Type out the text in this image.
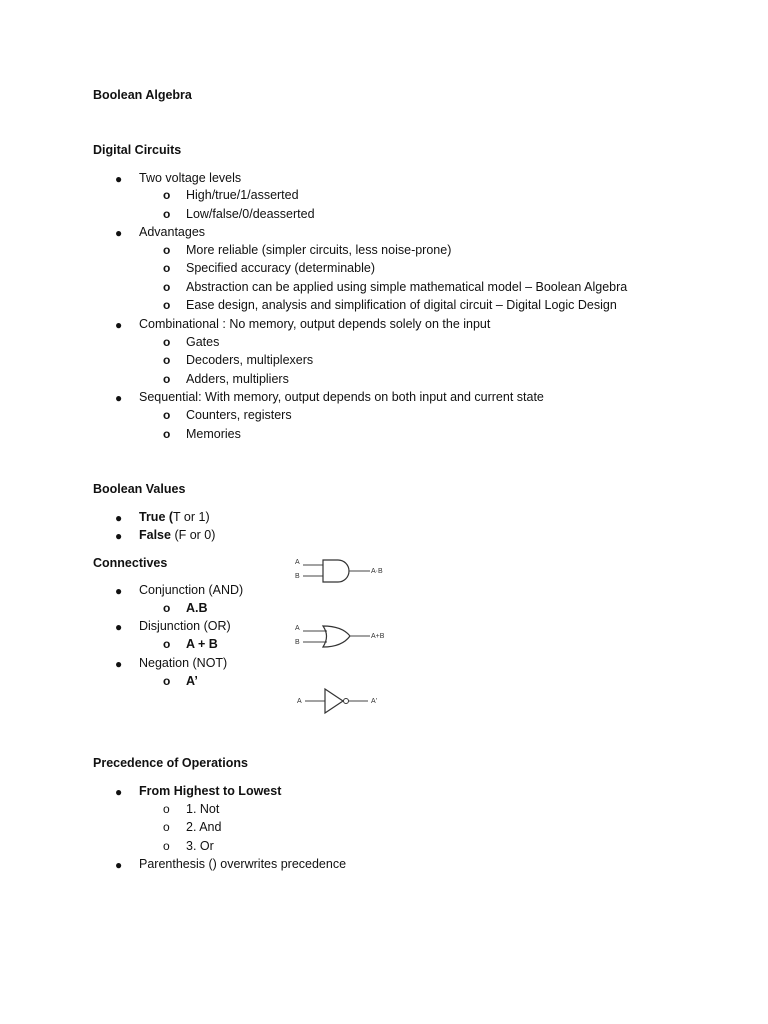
Boolean Algebra
Digital Circuits
● Two voltage levels
o High/true/1/asserted
o Low/false/0/deasserted
● Advantages
o More reliable (simpler circuits, less noise-prone)
o Specified accuracy (determinable)
o Abstraction can be applied using simple mathematical model – Boolean Algebra
o Ease design, analysis and simplification of digital circuit – Digital Logic Design
● Combinational : No memory, output depends solely on the input
o Gates
o Decoders, multiplexers
o Adders, multipliers
● Sequential: With memory, output depends on both input and current state
o Counters, registers
o Memories
Boolean Values
● True (T or 1)
● False (F or 0)
Connectives
● Conjunction (AND)
o A.B
● Disjunction (OR)
o A + B
● Negation (NOT)
o A’
A
B
A·B
A
B
A+B
A	A'
Precedence of Operations
● From Highest to Lowest
o 1. Not
o 2. And
o 3. Or
● Parenthesis () overwrites precedence
